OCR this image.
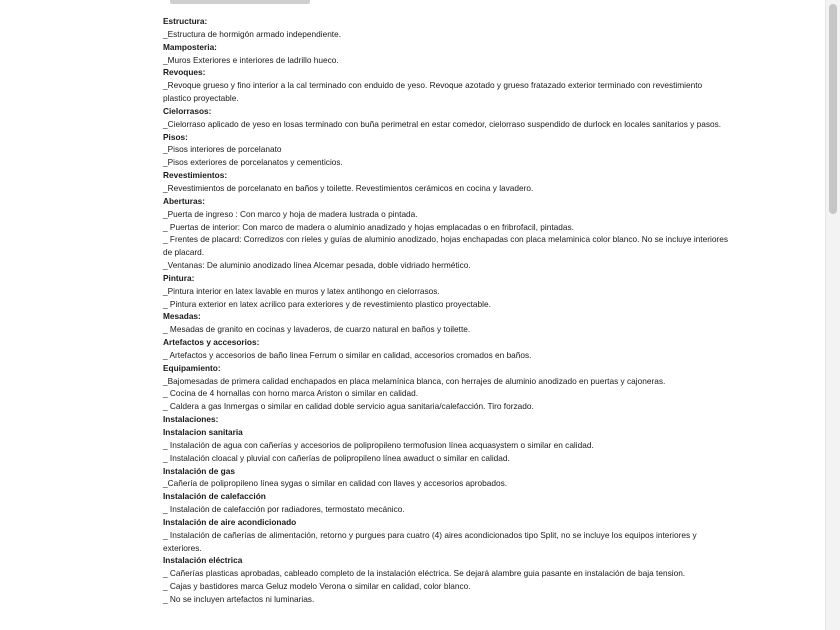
Estructura:
_Estructura de hormigón armado independiente.
Mamposteria:
_Muros Exteriores e interiores de ladrillo hueco.
Revoques:
_Revoque grueso y fino interior a la cal terminado con enduido de yeso. Revoque azotado y grueso fratazado exterior terminado con revestimiento plastico proyectable.
Cielorrasos:
_Cielorraso aplicado de yeso en losas terminado con buña perimetral en estar comedor, cielorraso suspendido de durlock en locales sanitarios y pasos.
Pisos:
_Pisos interiores de porcelanato
_Pisos exteriores de porcelanatos y cementicios.
Revestimientos:
_Revestimientos de porcelanato en baños y toilette. Revestimientos cerámicos en cocina y lavadero.
Aberturas:
_Puerta de ingreso : Con marco y hoja de madera lustrada o pintada.
_ Puertas de interior: Con marco de madera o aluminio anadizado y hojas emplacadas o en fribrofacil, pintadas.
_ Frentes de placard: Corredizos con rieles y guías de aluminio anodizado, hojas enchapadas con placa melaminica color blanco. No se incluye interiores de placard.
_Ventanas: De aluminio anodizado línea Alcemar pesada, doble vidriado hermético.
Pintura:
_Pintura interior en latex lavable en muros y latex antihongo en cielorrasos.
_ Pintura exterior en latex acrilico para exteriores y de revestimiento plastico proyectable.
Mesadas:
_ Mesadas de granito en cocinas y lavaderos, de cuarzo natural en baños y toilette.
Artefactos y accesorios:
_ Artefactos y accesorios de baño linea Ferrum o similar en calidad, accesorios cromados en baños.
Equipamiento:
_Bajomesadas de primera calidad enchapados en placa melamínica blanca, con herrajes de aluminio anodizado en puertas y cajoneras.
_ Cocina de 4 hornallas con horno marca Ariston o similar en calidad.
_ Caldera a gas Inmergas o similar en calidad doble servicio agua sanitaria/calefacción. Tiro forzado.
Instalaciones:
Instalacion sanitaria
_ Instalación de agua con cañerías y accesorios de polipropileno termofusion línea acquasystem o similar en calidad.
_ Instalación cloacal y pluvial con cañerías de polipropileno línea awaduct o similar en calidad.
Instalación de gas
_Cañería de polipropileno línea sygas o similar en calidad con llaves y accesorios aprobados.
Instalación de calefacción
_ Instalación de calefacción por radiadores, termostato mecánico.
Instalación de aire acondicionado
_ Instalación de cañerías de alimentación, retorno y purgues para cuatro (4) aires acondicionados tipo Split, no se incluye los equipos interiores y exteriores.
Instalación eléctrica
_ Cañerías plasticas aprobadas, cableado completo de la instalación eléctrica. Se dejará alambre guia pasante en instalación de baja tension.
_ Cajas y bastidores marca Geluz modelo Verona o similar en calidad, color blanco.
_ No se incluyen artefactos ni luminarias.
